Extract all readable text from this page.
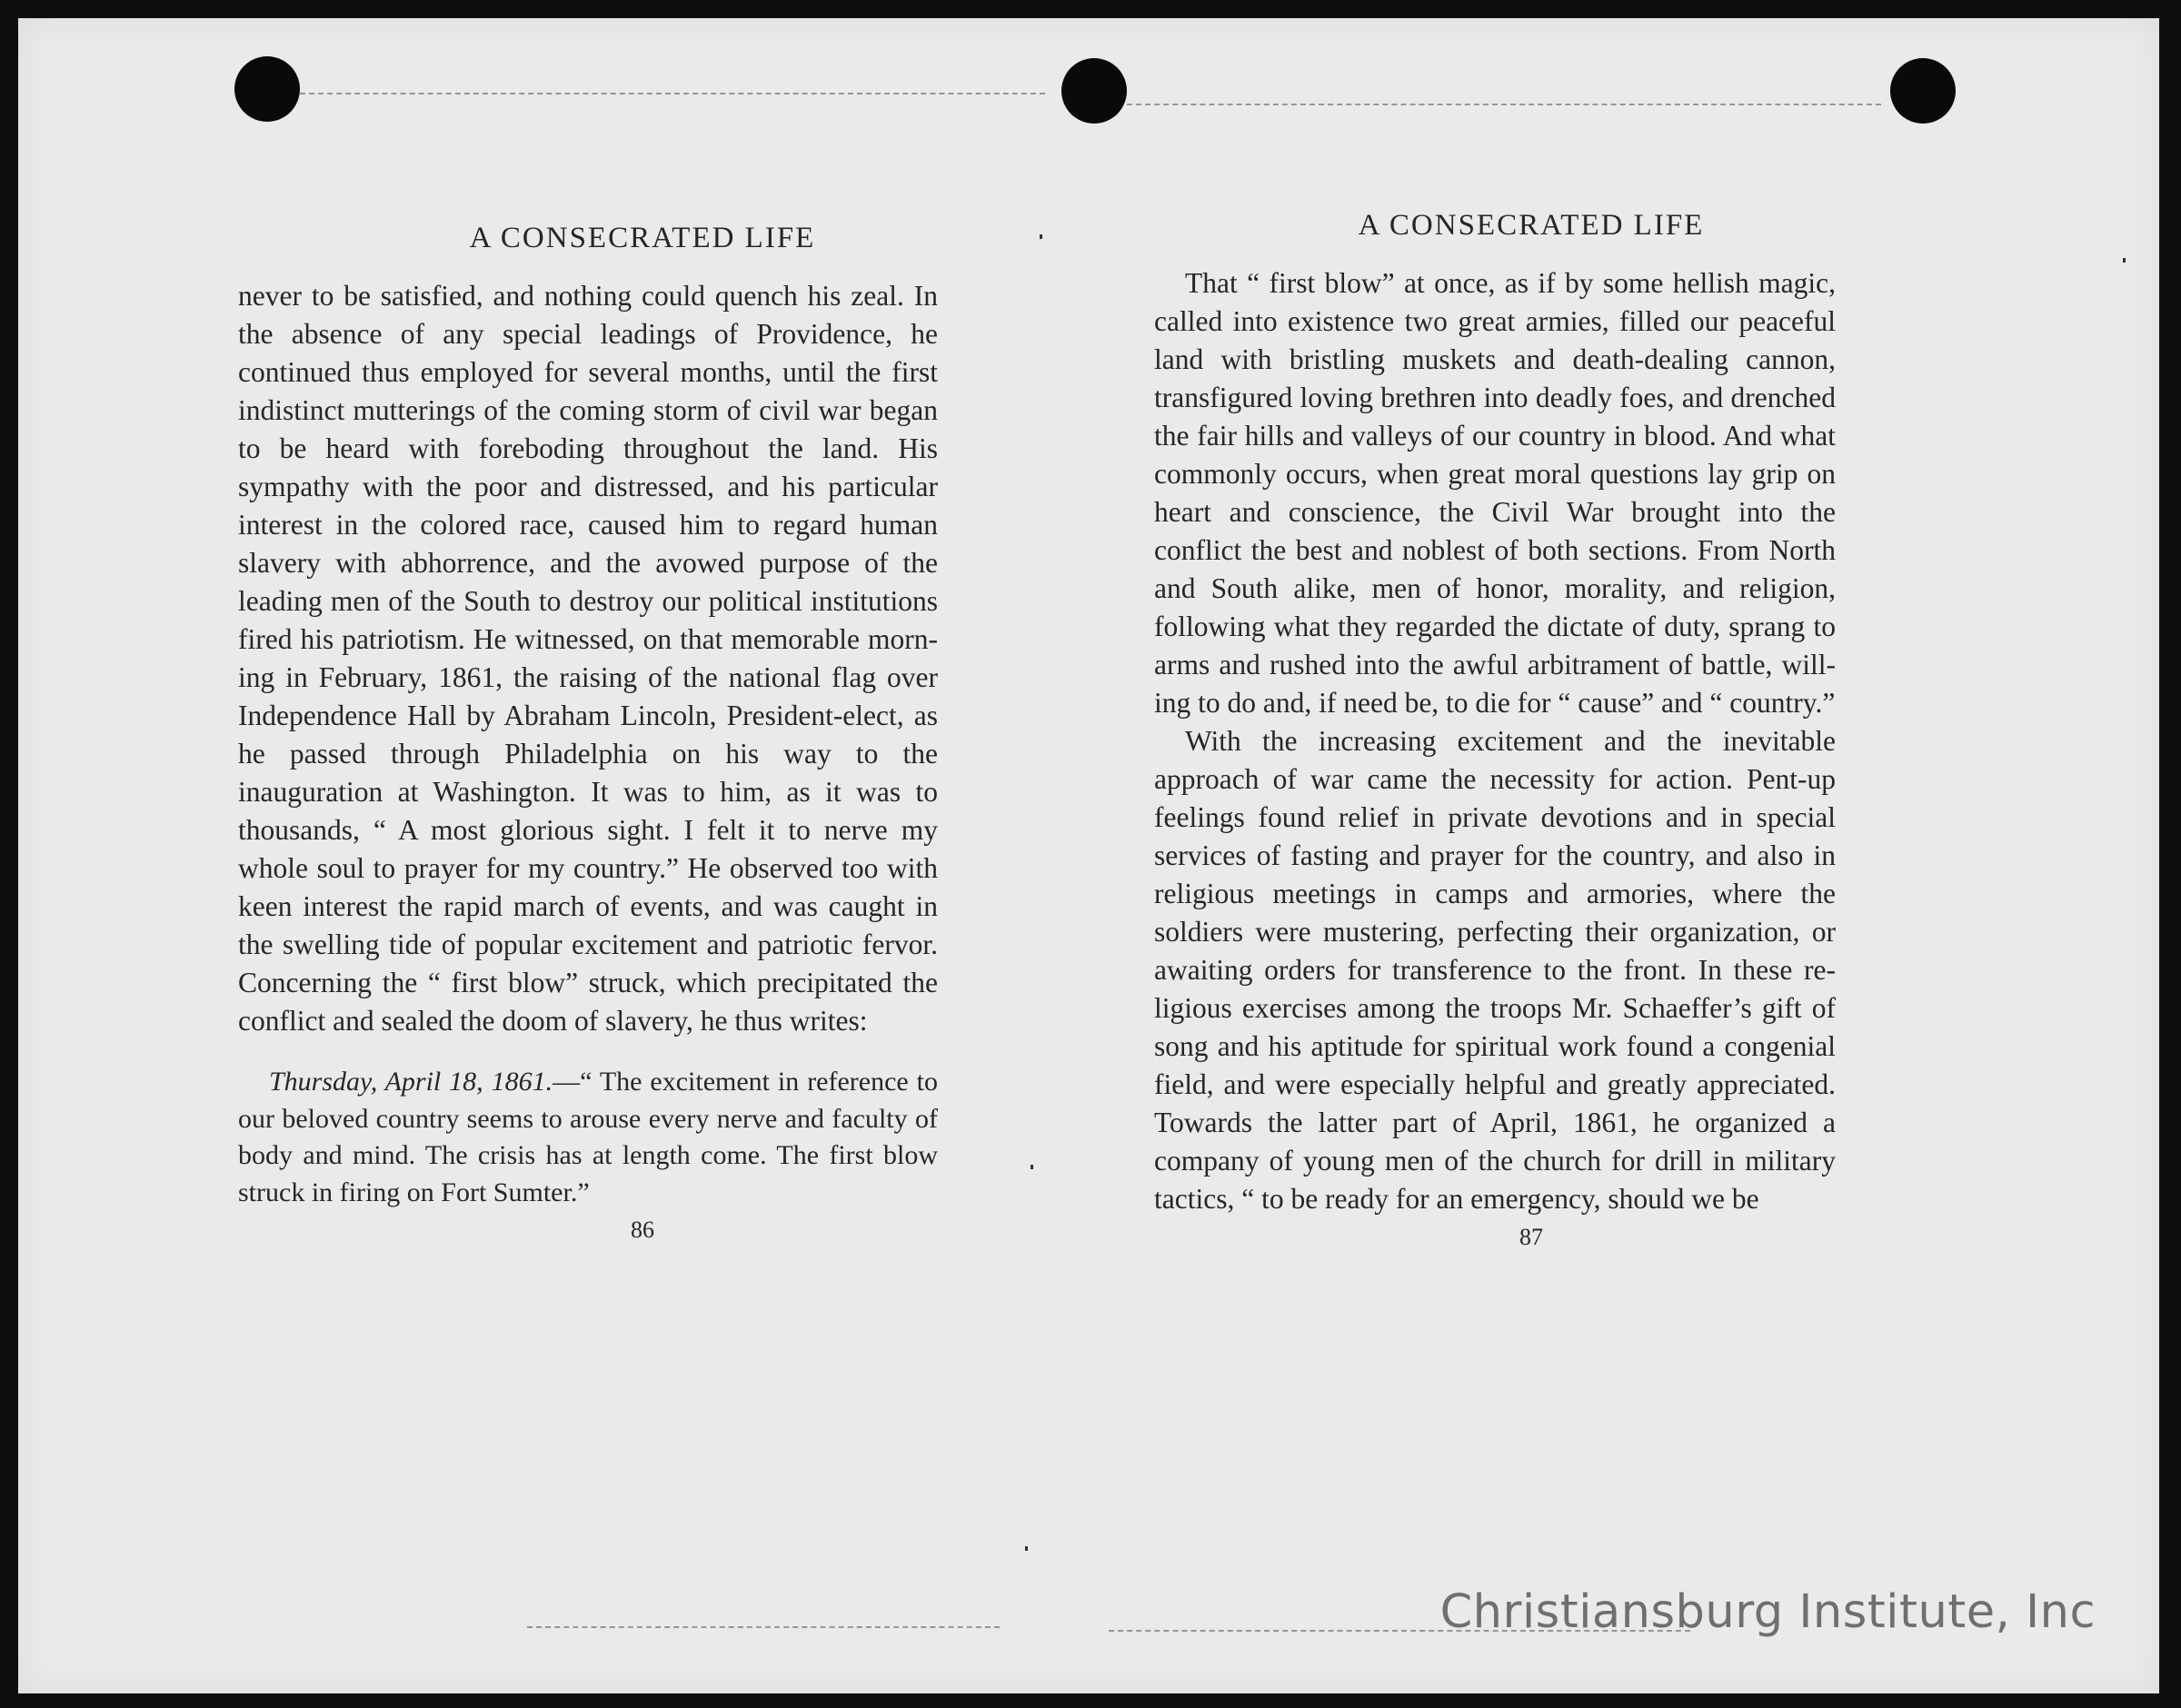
Christiansburg Institute, Inc
A CONSECRATED LIFE

never to be satisfied, and nothing could quench his zeal. In the absence of any special leadings of Providence, he continued thus employed for several months, until the first indistinct mutterings of the coming storm of civil war began to be heard with foreboding throughout the land. His sympathy with the poor and distressed, and his particular interest in the colored race, caused him to regard human slavery with abhorrence, and the avowed purpose of the leading men of the South to destroy our political institutions fired his patriotism. He witnessed, on that memorable morning in February, 1861, the raising of the national flag over Independence Hall by Abraham Lincoln, President-elect, as he passed through Philadelphia on his way to the inauguration at Washington. It was to him, as it was to thousands, “ A most glorious sight. I felt it to nerve my whole soul to prayer for my country.” He observed too with keen interest the rapid march of events, and was caught in the swelling tide of popular excitement and patriotic fervor. Concerning the “ first blow” struck, which precipitated the conflict and sealed the doom of slavery, he thus writes:

Thursday, April 18, 1861.—“ The excitement in reference to our beloved country seems to arouse every nerve and faculty of body and mind. The crisis has at length come. The first blow struck in firing on Fort Sumter.”

86
A CONSECRATED LIFE

That “ first blow” at once, as if by some hellish magic, called into existence two great armies, filled our peaceful land with bristling muskets and death-dealing cannon, transfigured loving brethren into deadly foes, and drenched the fair hills and valleys of our country in blood. And what commonly occurs, when great moral questions lay grip on heart and conscience, the Civil War brought into the conflict the best and noblest of both sections. From North and South alike, men of honor, morality, and religion, following what they regarded the dictate of duty, sprang to arms and rushed into the awful arbitrament of battle, willing to do and, if need be, to die for “ cause” and “ country.”

With the increasing excitement and the inevitable approach of war came the necessity for action. Pent-up feelings found relief in private devotions and in special services of fasting and prayer for the country, and also in religious meetings in camps and armories, where the soldiers were mustering, perfecting their organization, or awaiting orders for transference to the front. In these religious exercises among the troops Mr. Schaeffer’s gift of song and his aptitude for spiritual work found a congenial field, and were especially helpful and greatly appreciated. Towards the latter part of April, 1861, he organized a company of young men of the church for drill in military tactics, “ to be ready for an emergency, should we be

87
